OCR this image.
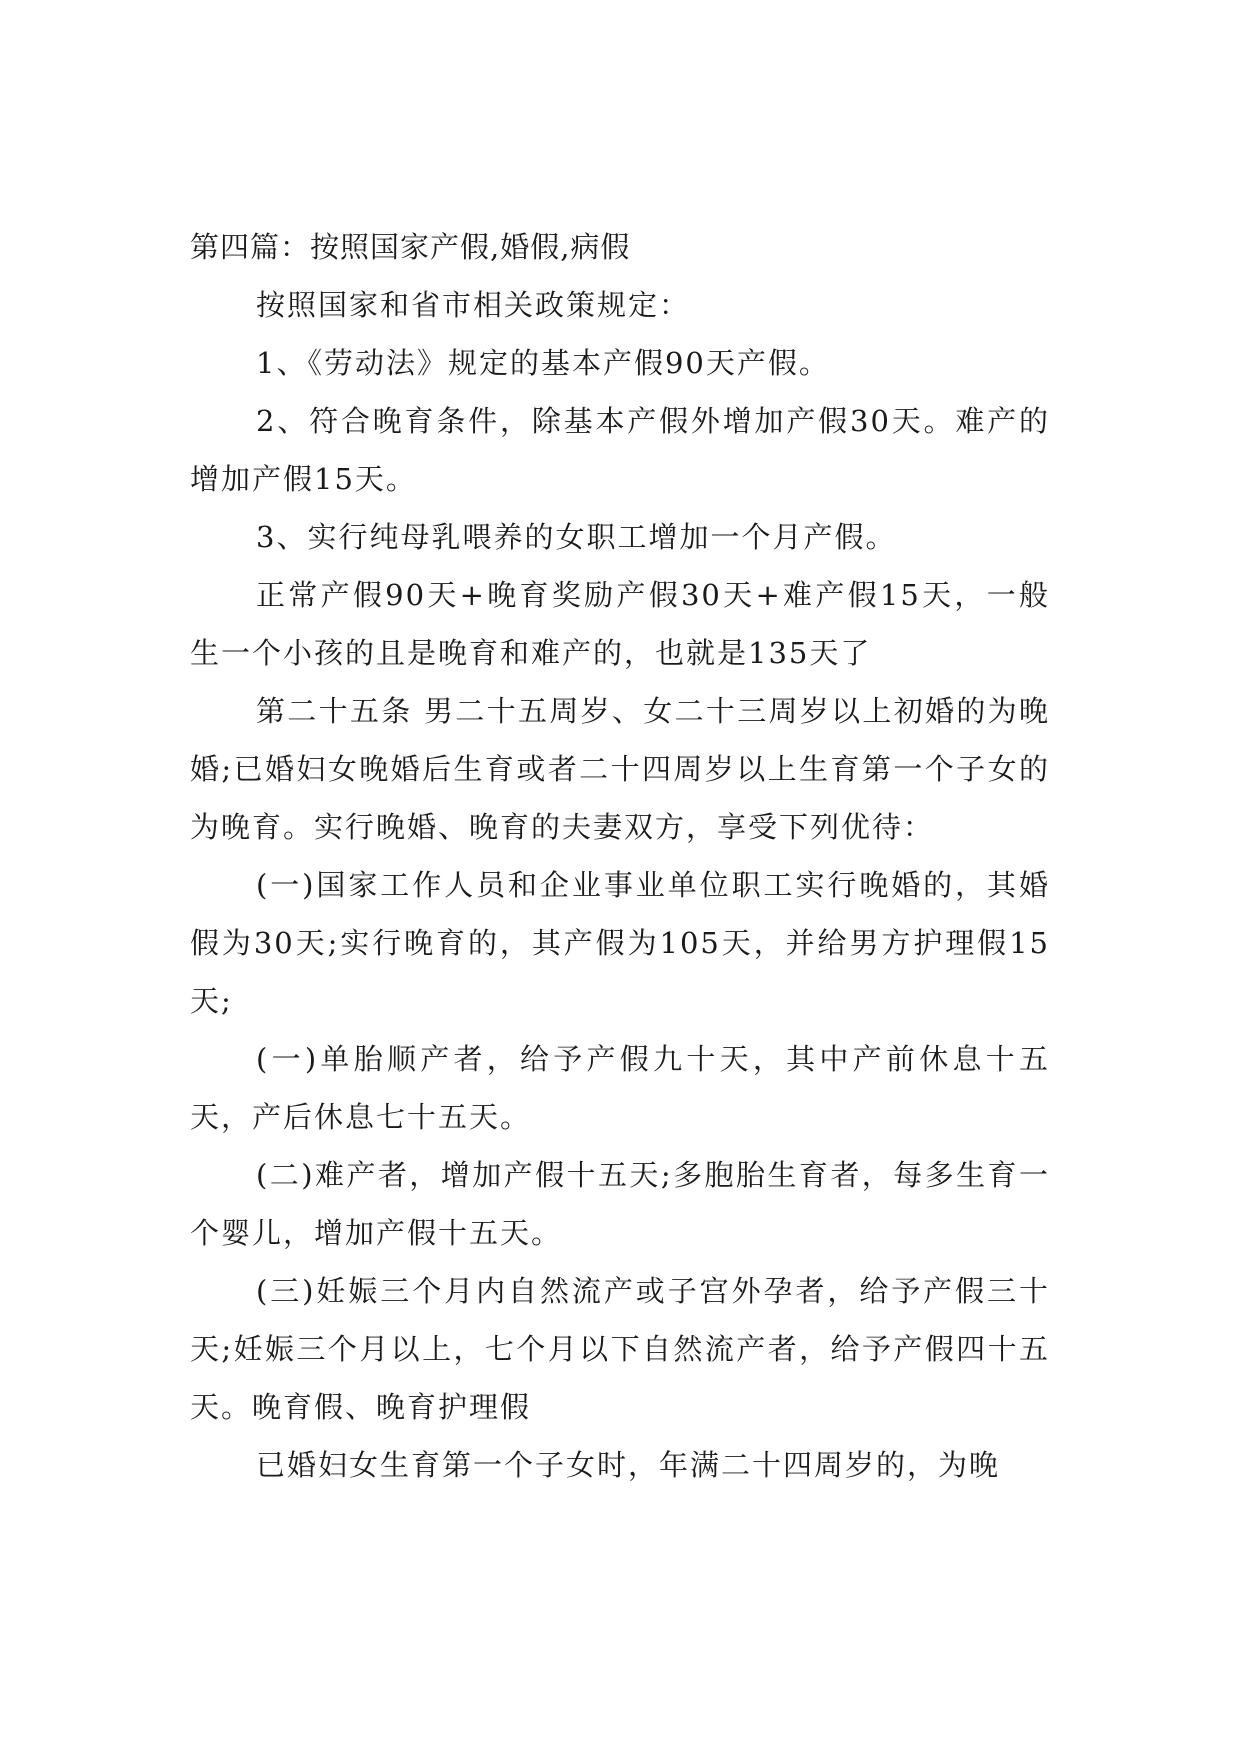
第四篇：按照国家产假,婚假,病假

按照国家和省市相关政策规定：

1、《劳动法》规定的基本产假90天产假。

2、符合晚育条件，除基本产假外增加产假30天。难产的增加产假15天。

3、实行纯母乳喂养的女职工增加一个月产假。

正常产假90天+晚育奖励产假30天+难产假15天，一般生一个小孩的且是晚育和难产的，也就是135天了

第二十五条 男二十五周岁、女二十三周岁以上初婚的为晚婚;已婚妇女晚婚后生育或者二十四周岁以上生育第一个子女的为晚育。实行晚婚、晚育的夫妻双方，享受下列优待：

(一)国家工作人员和企业事业单位职工实行晚婚的，其婚假为30天;实行晚育的，其产假为105天，并给男方护理假15天;

(一)单胎顺产者，给予产假九十天，其中产前休息十五天，产后休息七十五天。

(二)难产者，增加产假十五天;多胞胎生育者，每多生育一个婴儿，增加产假十五天。

(三)妊娠三个月内自然流产或子宫外孕者，给予产假三十天;妊娠三个月以上，七个月以下自然流产者，给予产假四十五天。晚育假、晚育护理假

已婚妇女生育第一个子女时，年满二十四周岁的，为晚
